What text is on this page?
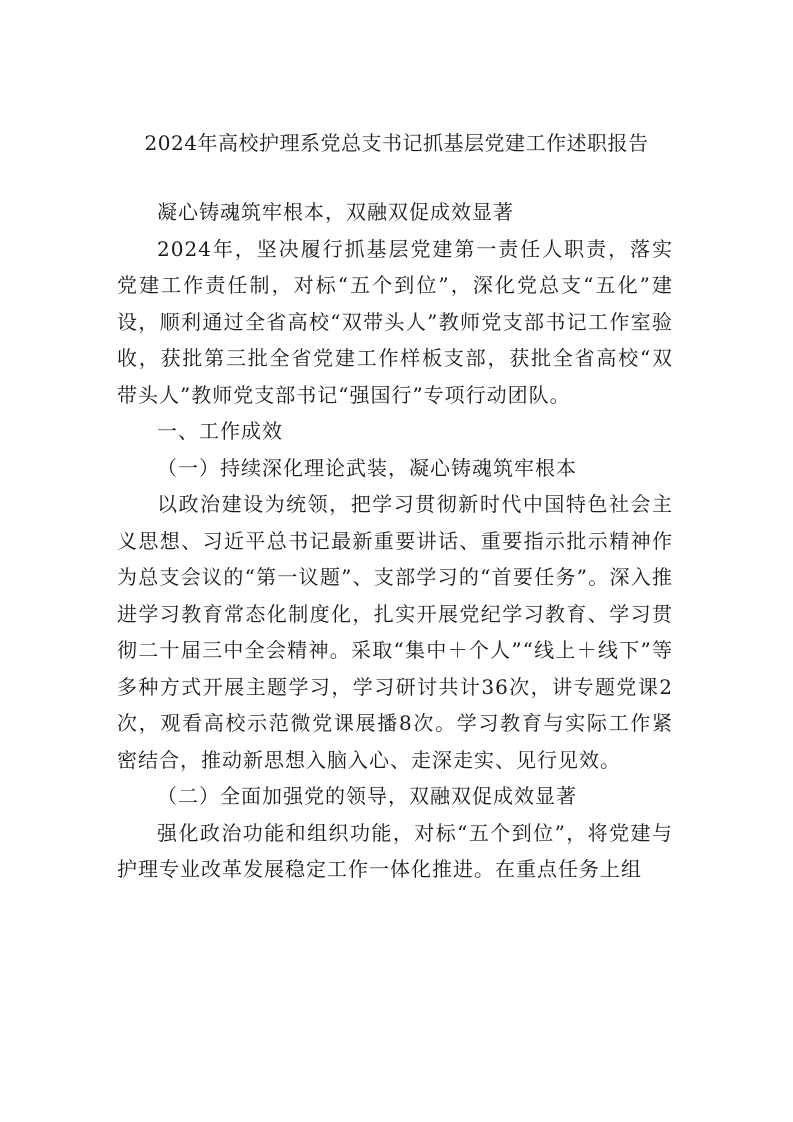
2024年高校护理系党总支书记抓基层党建工作述职报告

凝心铸魂筑牢根本，双融双促成效显著

2024年，坚决履行抓基层党建第一责任人职责，落实党建工作责任制，对标“五个到位”，深化党总支“五化”建设，顺利通过全省高校“双带头人”教师党支部书记工作室验收，获批第三批全省党建工作样板支部，获批全省高校“双带头人”教师党支部书记“强国行”专项行动团队。

一、工作成效

（一）持续深化理论武装，凝心铸魂筑牢根本

以政治建设为统领，把学习贯彻新时代中国特色社会主义思想、习近平总书记最新重要讲话、重要指示批示精神作为总支会议的“第一议题”、支部学习的“首要任务”。深入推进学习教育常态化制度化，扎实开展党纪学习教育、学习贯彻二十届三中全会精神。采取“集中＋个人”“线上＋线下”等多种方式开展主题学习，学习研讨共计36次，讲专题党课2次，观看高校示范微党课展播8次。学习教育与实际工作紧密结合，推动新思想入脑入心、走深走实、见行见效。

（二）全面加强党的领导，双融双促成效显著

强化政治功能和组织功能，对标“五个到位”，将党建与护理专业改革发展稳定工作一体化推进。在重点任务上组
